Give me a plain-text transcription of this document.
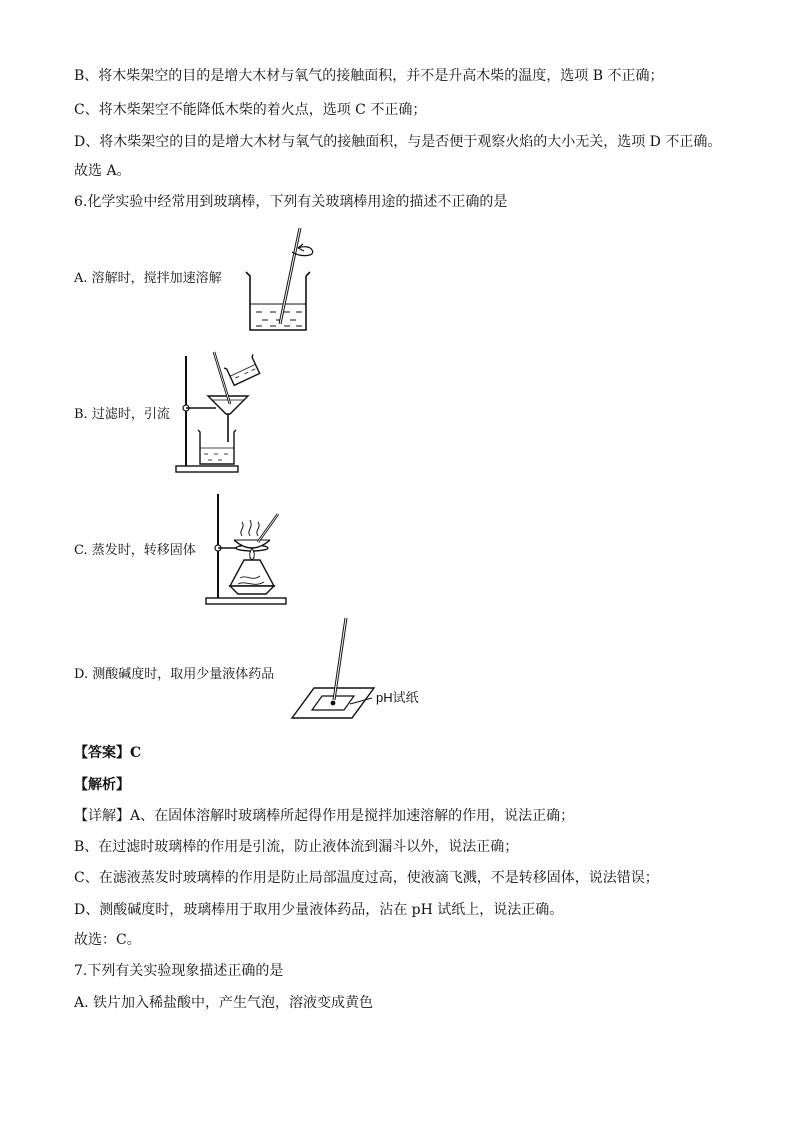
B、将木柴架空的目的是增大木材与氧气的接触面积，并不是升高木柴的温度，选项 B 不正确；
C、将木柴架空不能降低木柴的着火点，选项 C 不正确；
D、将木柴架空的目的是增大木材与氧气的接触面积，与是否便于观察火焰的大小无关，选项 D 不正确。
故选 A。
6.化学实验中经常用到玻璃棒，下列有关玻璃棒用途的描述不正确的是
A. 溶解时，搅拌加速溶解
B. 过滤时，引流
C. 蒸发时，转移固体
D. 测酸碱度时，取用少量液体药品
pH试纸
【答案】C
【解析】
【详解】A、在固体溶解时玻璃棒所起得作用是搅拌加速溶解的作用，说法正确；
B、在过滤时玻璃棒的作用是引流，防止液体流到漏斗以外，说法正确；
C、在滤液蒸发时玻璃棒的作用是防止局部温度过高，使液滴飞溅，不是转移固体，说法错误；
D、测酸碱度时，玻璃棒用于取用少量液体药品，沾在 pH 试纸上，说法正确。
故选：C。
7.下列有关实验现象描述正确的是
A. 铁片加入稀盐酸中，产生气泡，溶液变成黄色
